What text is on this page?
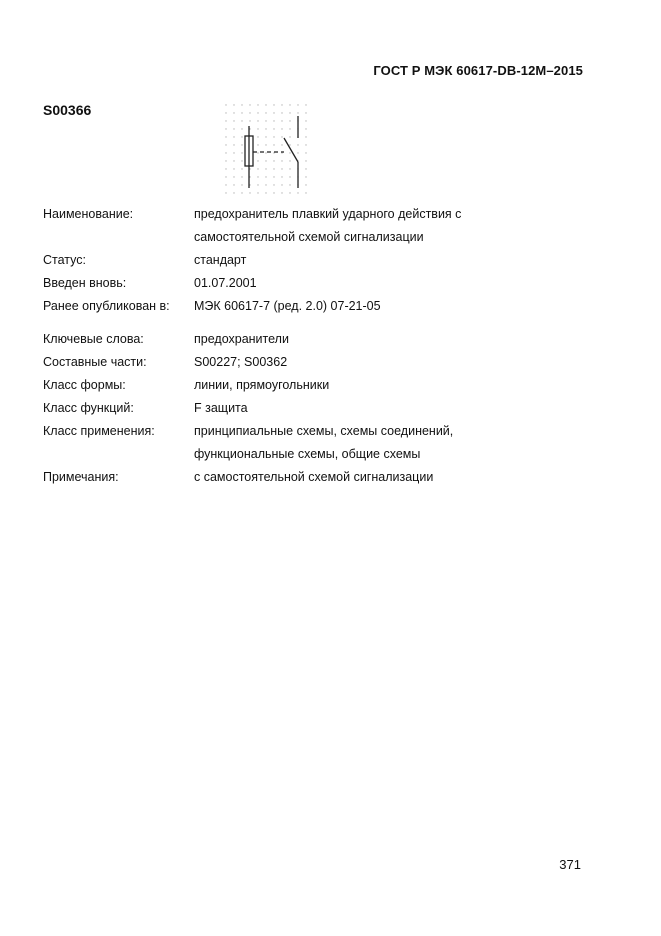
ГОСТ Р МЭК 60617-DB-12M–2015
S00366
Наименование:	предохранитель плавкий ударного действия с
самостоятельной схемой сигнализации
Статус:	стандарт
Введен вновь:	01.07.2001
Ранее опубликован в:	МЭК 60617-7 (ред. 2.0) 07-21-05
Ключевые слова:	предохранители
Составные части:	S00227; S00362
Класс формы:	линии, прямоугольники
Класс функций:	F защита
Класс применения:	принципиальные схемы, схемы соединений,
функциональные схемы, общие схемы
Примечания:	с самостоятельной схемой сигнализации
371
